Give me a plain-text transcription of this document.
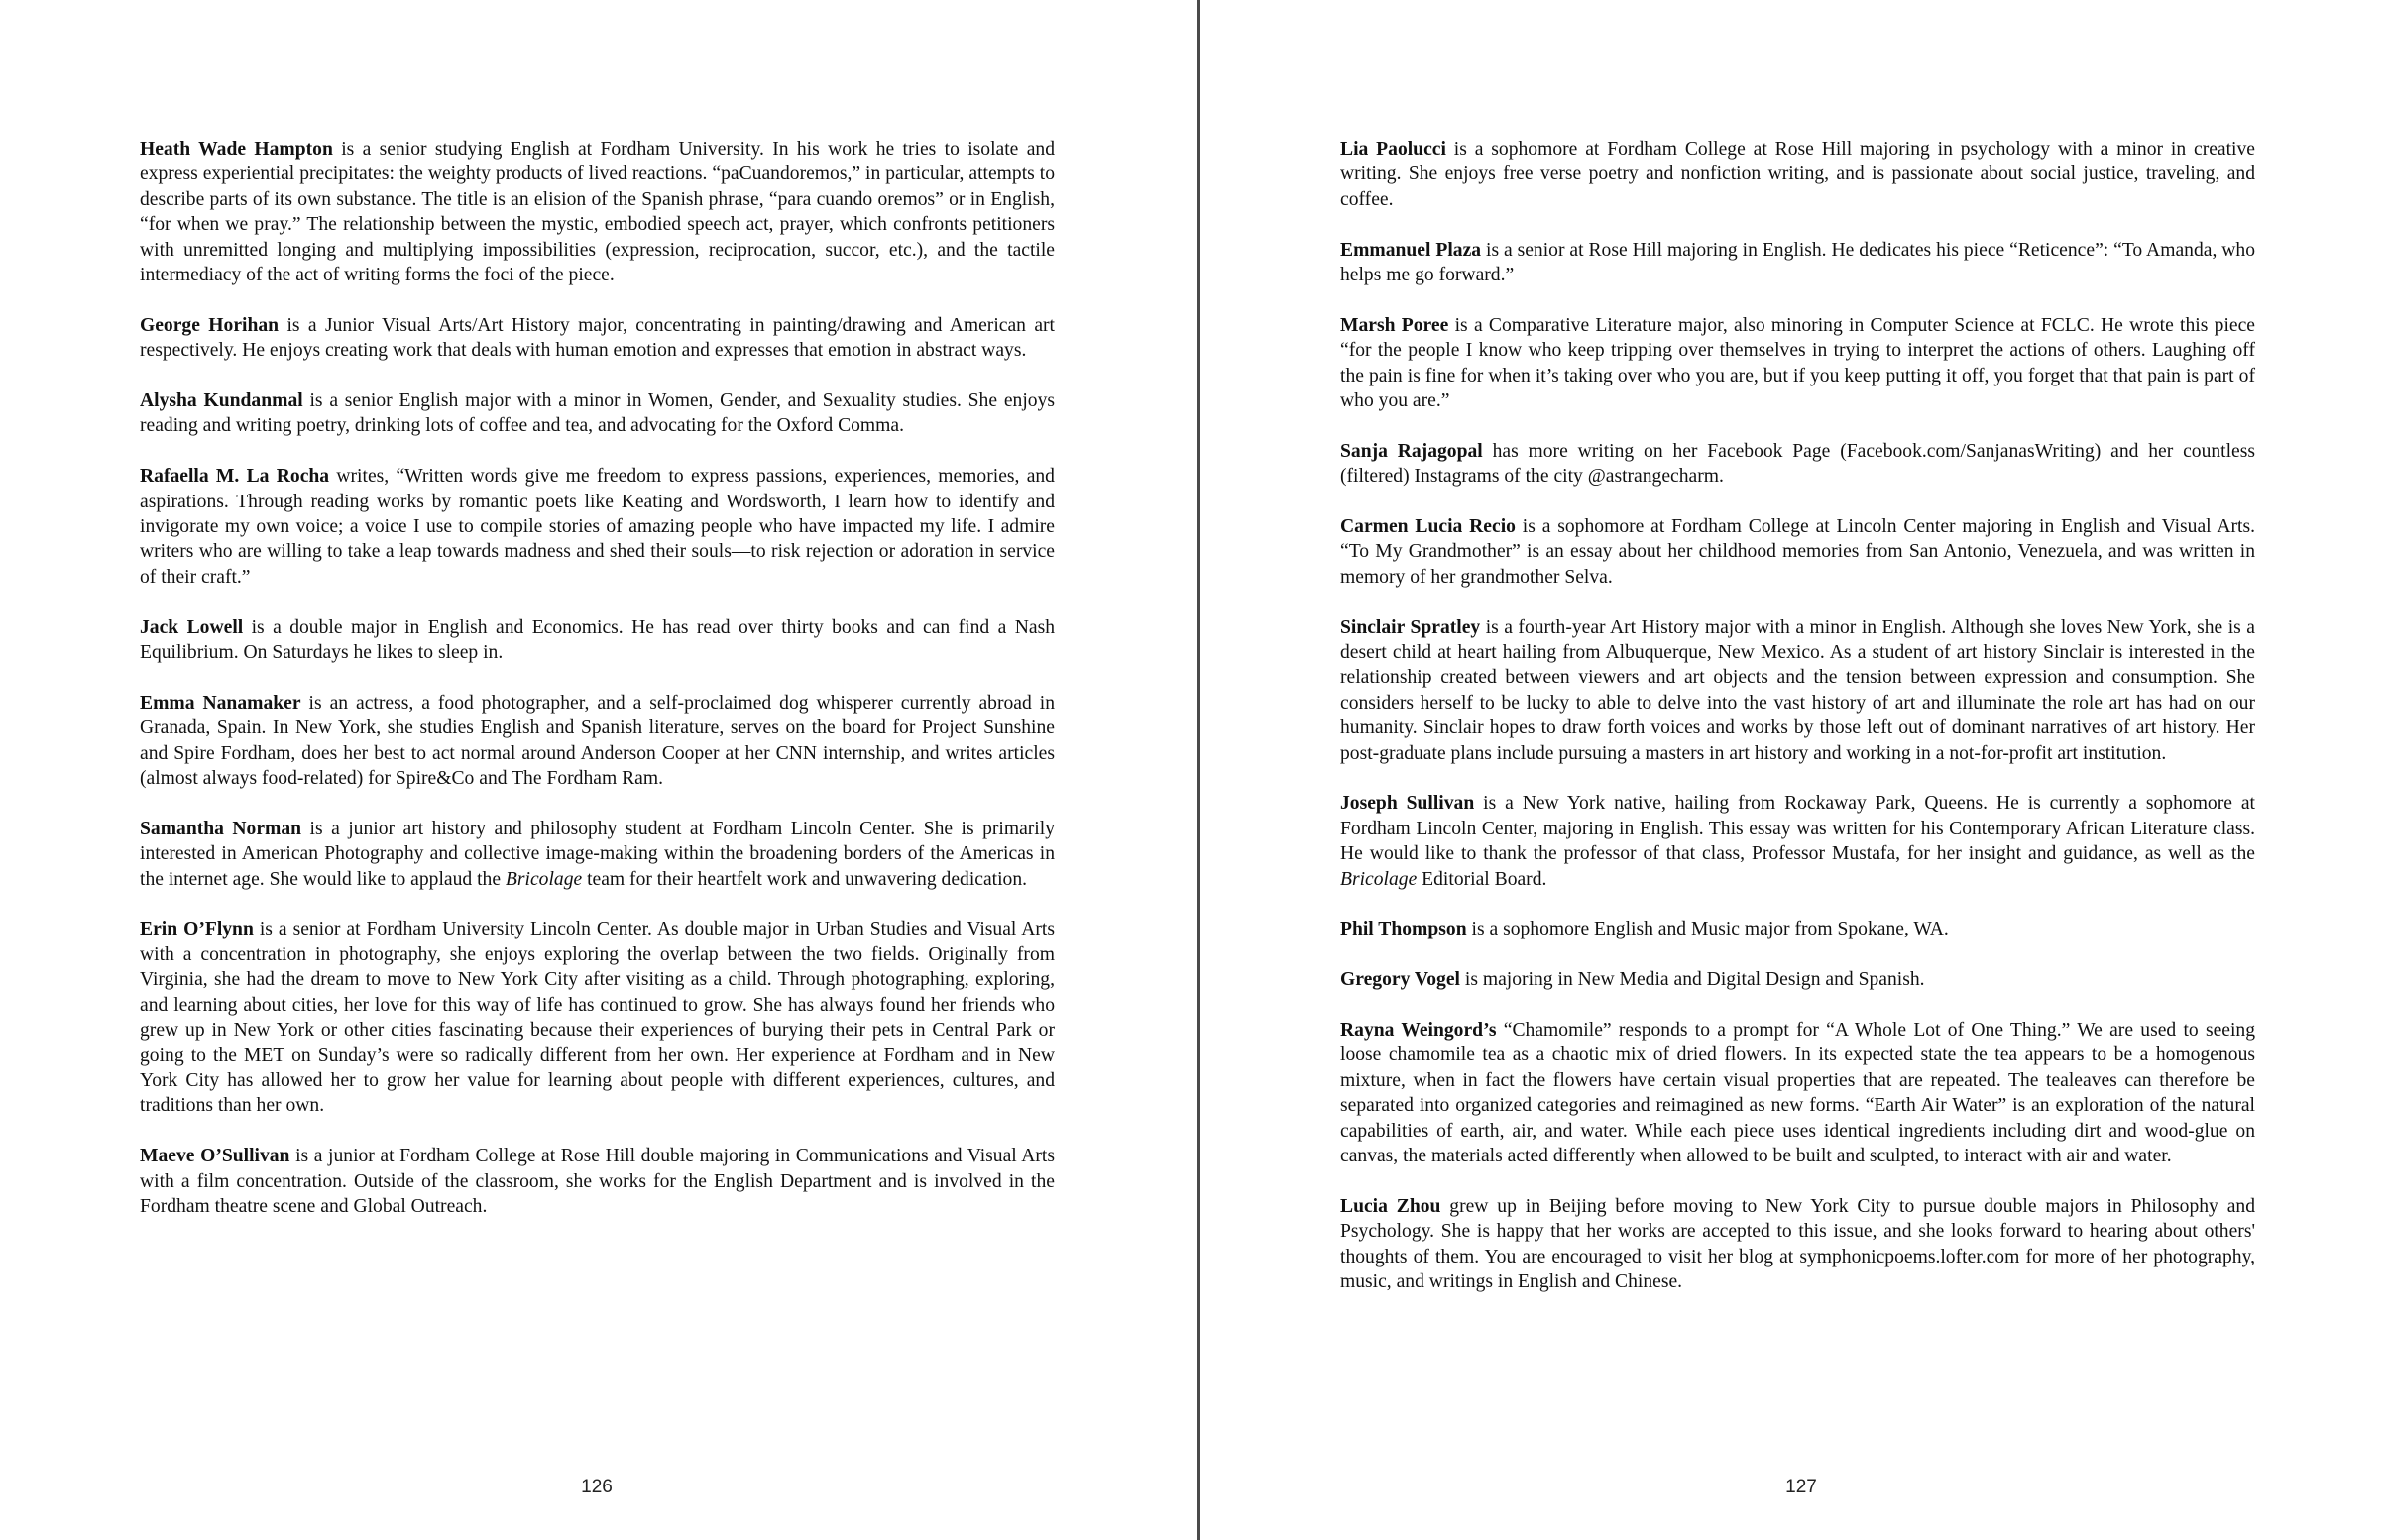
Heath Wade Hampton is a senior studying English at Fordham University. In his work he tries to isolate and express experiential precipitates: the weighty products of lived reactions. “paCuandoremos,” in particular, attempts to describe parts of its own substance. The title is an elision of the Spanish phrase, “para cuando oremos” or in English, “for when we pray.” The relationship between the mystic, embodied speech act, prayer, which confronts petitioners with unremitted longing and multiplying impossibilities (expression, reciprocation, succor, etc.), and the tactile intermediacy of the act of writing forms the foci of the piece.

George Horihan is a Junior Visual Arts/Art History major, concentrating in painting/drawing and American art respectively. He enjoys creating work that deals with human emotion and expresses that emotion in abstract ways.

Alysha Kundanmal is a senior English major with a minor in Women, Gender, and Sexuality studies. She enjoys reading and writing poetry, drinking lots of coffee and tea, and advocating for the Oxford Comma.

Rafaella M. La Rocha writes, “Written words give me freedom to express passions, experiences, memories, and aspirations. Through reading works by romantic poets like Keating and Wordsworth, I learn how to identify and invigorate my own voice; a voice I use to compile stories of amazing people who have impacted my life. I admire writers who are willing to take a leap towards madness and shed their souls—to risk rejection or adoration in service of their craft.”

Jack Lowell is a double major in English and Economics. He has read over thirty books and can find a Nash Equilibrium. On Saturdays he likes to sleep in.

Emma Nanamaker is an actress, a food photographer, and a self-proclaimed dog whisperer currently abroad in Granada, Spain. In New York, she studies English and Spanish literature, serves on the board for Project Sunshine and Spire Fordham, does her best to act normal around Anderson Cooper at her CNN internship, and writes articles (almost always food-related) for Spire&Co and The Fordham Ram.

Samantha Norman is a junior art history and philosophy student at Fordham Lincoln Center. She is primarily interested in American Photography and collective image-making within the broadening borders of the Americas in the internet age. She would like to applaud the Bricolage team for their heartfelt work and unwavering dedication.

Erin O’Flynn is a senior at Fordham University Lincoln Center. As double major in Urban Studies and Visual Arts with a concentration in photography, she enjoys exploring the overlap between the two fields. Originally from Virginia, she had the dream to move to New York City after visiting as a child. Through photographing, exploring, and learning about cities, her love for this way of life has continued to grow. She has always found her friends who grew up in New York or other cities fascinating because their experiences of burying their pets in Central Park or going to the MET on Sunday’s were so radically different from her own. Her experience at Fordham and in New York City has allowed her to grow her value for learning about people with different experiences, cultures, and traditions than her own.

Maeve O’Sullivan is a junior at Fordham College at Rose Hill double majoring in Communications and Visual Arts with a film concentration. Outside of the classroom, she works for the English Department and is involved in the Fordham theatre scene and Global Outreach.

126

Lia Paolucci is a sophomore at Fordham College at Rose Hill majoring in psychology with a minor in creative writing. She enjoys free verse poetry and nonfiction writing, and is passionate about social justice, traveling, and coffee.

Emmanuel Plaza is a senior at Rose Hill majoring in English. He dedicates his piece “Reticence”: “To Amanda, who helps me go forward.”

Marsh Poree is a Comparative Literature major, also minoring in Computer Science at FCLC. He wrote this piece “for the people I know who keep tripping over themselves in trying to interpret the actions of others. Laughing off the pain is fine for when it’s taking over who you are, but if you keep putting it off, you forget that that pain is part of who you are.”

Sanja Rajagopal has more writing on her Facebook Page (Facebook.com/SanjanasWriting) and her countless (filtered) Instagrams of the city @astrangecharm.

Carmen Lucia Recio is a sophomore at Fordham College at Lincoln Center majoring in English and Visual Arts. “To My Grandmother” is an essay about her childhood memories from San Antonio, Venezuela, and was written in memory of her grandmother Selva.

Sinclair Spratley is a fourth-year Art History major with a minor in English. Although she loves New York, she is a desert child at heart hailing from Albuquerque, New Mexico. As a student of art history Sinclair is interested in the relationship created between viewers and art objects and the tension between expression and consumption. She considers herself to be lucky to able to delve into the vast history of art and illuminate the role art has had on our humanity. Sinclair hopes to draw forth voices and works by those left out of dominant narratives of art history. Her post-graduate plans include pursuing a masters in art history and working in a not-for-profit art institution.

Joseph Sullivan is a New York native, hailing from Rockaway Park, Queens. He is currently a sophomore at Fordham Lincoln Center, majoring in English. This essay was written for his Contemporary African Literature class. He would like to thank the professor of that class, Professor Mustafa, for her insight and guidance, as well as the Bricolage Editorial Board.

Phil Thompson is a sophomore English and Music major from Spokane, WA.

Gregory Vogel is majoring in New Media and Digital Design and Spanish.

Rayna Weingord’s “Chamomile” responds to a prompt for “A Whole Lot of One Thing.” We are used to seeing loose chamomile tea as a chaotic mix of dried flowers. In its expected state the tea appears to be a homogenous mixture, when in fact the flowers have certain visual properties that are repeated. The tealeaves can therefore be separated into organized categories and reimagined as new forms. “Earth Air Water” is an exploration of the natural capabilities of earth, air, and water. While each piece uses identical ingredients including dirt and wood-glue on canvas, the materials acted differently when allowed to be built and sculpted, to interact with air and water.

Lucia Zhou grew up in Beijing before moving to New York City to pursue double majors in Philosophy and Psychology. She is happy that her works are accepted to this issue, and she looks forward to hearing about others' thoughts of them. You are encouraged to visit her blog at symphonicpoems.lofter.com for more of her photography, music, and writings in English and Chinese.

127
